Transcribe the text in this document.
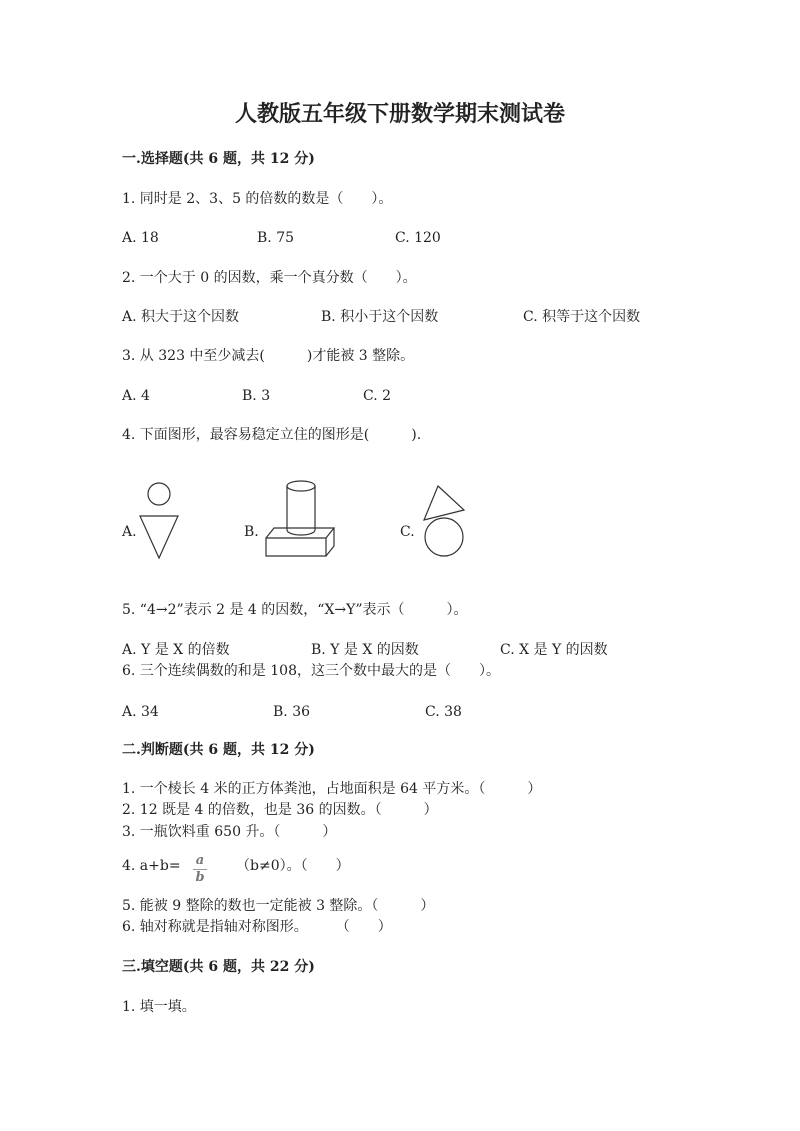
人教版五年级下册数学期末测试卷
一.选择题(共 6 题，共 12 分)
1. 同时是 2、3、5 的倍数的数是（　　）。
A. 18	B. 75	C. 120
2. 一个大于 0 的因数，乘一个真分数（　　）。
A. 积大于这个因数	B. 积小于这个因数	C. 积等于这个因数
3. 从 323 中至少减去(　　　)才能被 3 整除。
A. 4	B. 3	C. 2
4. 下面图形，最容易稳定立住的图形是(　　　).
A.	B.	C.
5. “4→2”表示 2 是 4 的因数，“X→Y”表示（　　　）。
A. Y 是 X 的倍数	B. Y 是 X 的因数	C. X 是 Y 的因数
6. 三个连续偶数的和是 108，这三个数中最大的是（　　）。
A. 34	B. 36	C. 38
二.判断题(共 6 题，共 12 分)
1. 一个棱长 4 米的正方体粪池，占地面积是 64 平方米。（　　　）
2. 12 既是 4 的倍数，也是 36 的因数。（　　　）
3. 一瓶饮料重 650 升。（　　　）
4. a+b= a
b
（b≠0）。（　　）
5. 能被 9 整除的数也一定能被 3 整除。（　　　）
6. 轴对称就是指轴对称图形。　　　（　　）
三.填空题(共 6 题，共 22 分)
1. 填一填。
